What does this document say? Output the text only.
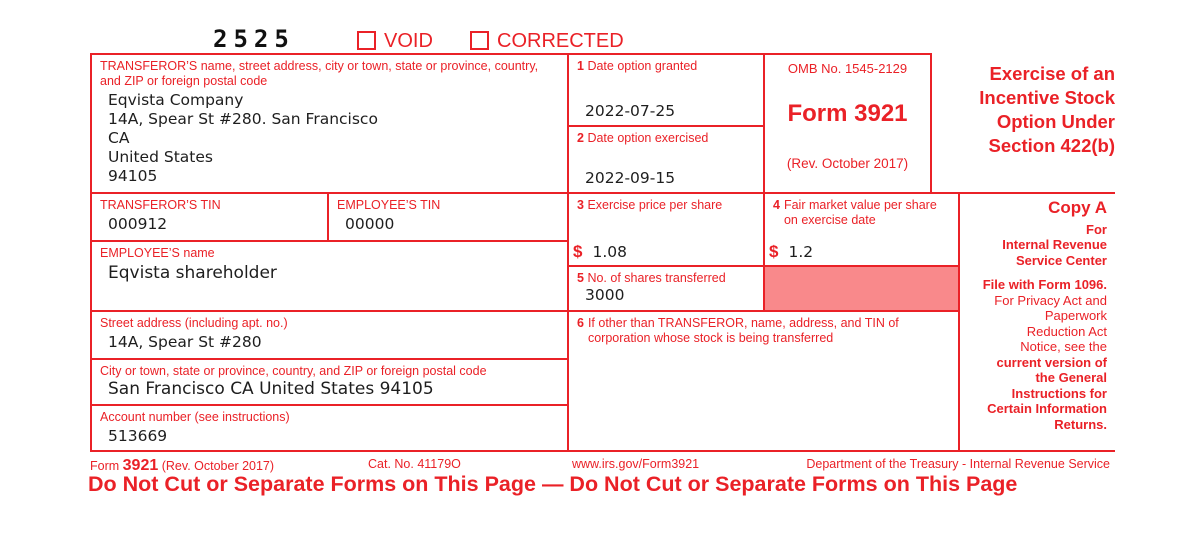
2525	VOID	CORRECTED
TRANSFEROR’S name, street address, city or town, state or province, country, and ZIP or foreign postal code
Eqvista Company
14A, Spear St #280. San Francisco
CA
United States
94105
1 Date option granted
2022-07-25
2 Date option exercised
2022-09-15
OMB No. 1545-2129
Form 3921
(Rev. October 2017)
Exercise of an
Incentive Stock
Option Under
Section 422(b)
TRANSFEROR’S TIN
000912
EMPLOYEE’S TIN
00000
EMPLOYEE’S name
Eqvista shareholder
3 Exercise price per share
$ 1.08
4 Fair market value per share on exercise date
$ 1.2
5 No. of shares transferred
3000
Street address (including apt. no.)
14A, Spear St #280
6 If other than TRANSFEROR, name, address, and TIN of corporation whose stock is being transferred
City or town, state or province, country, and ZIP or foreign postal code
San Francisco CA United States 94105
Account number (see instructions)
513669
Copy A
For
Internal Revenue
Service Center
File with Form 1096.
For Privacy Act and
Paperwork
Reduction Act
Notice, see the
current version of
the General
Instructions for
Certain Information
Returns.
Form 3921 (Rev. October 2017)	Cat. No. 41179O	www.irs.gov/Form3921	Department of the Treasury - Internal Revenue Service
Do Not Cut or Separate Forms on This Page — Do Not Cut or Separate Forms on This Page
